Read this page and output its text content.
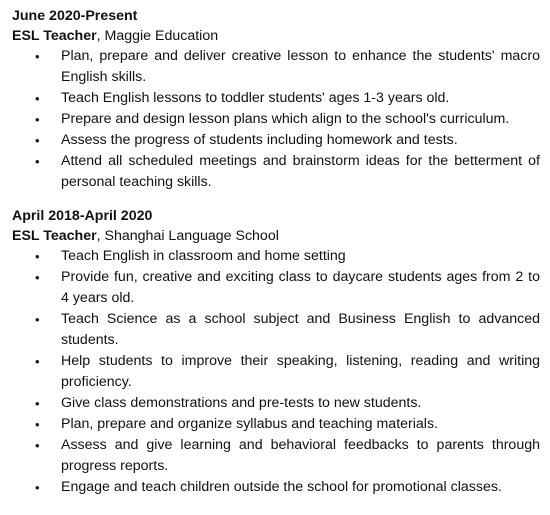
June 2020-Present

ESL Teacher, Maggie Education

•	Plan, prepare and deliver creative lesson to enhance the students' macro English skills.
•	Teach English lessons to toddler students' ages 1-3 years old.
•	Prepare and design lesson plans which align to the school's curriculum.
•	Assess the progress of students including homework and tests.
•	Attend all scheduled meetings and brainstorm ideas for the betterment of personal teaching skills.

April 2018-April 2020

ESL Teacher, Shanghai Language School

•	Teach English in classroom and home setting
•	Provide fun, creative and exciting class to daycare students ages from 2 to 4 years old.
•	Teach Science as a school subject and Business English to advanced students.
•	Help students to improve their speaking, listening, reading and writing proficiency.
•	Give class demonstrations and pre-tests to new students.
•	Plan, prepare and organize syllabus and teaching materials.
•	Assess and give learning and behavioral feedbacks to parents through progress reports.
•	Engage and teach children outside the school for promotional classes.
